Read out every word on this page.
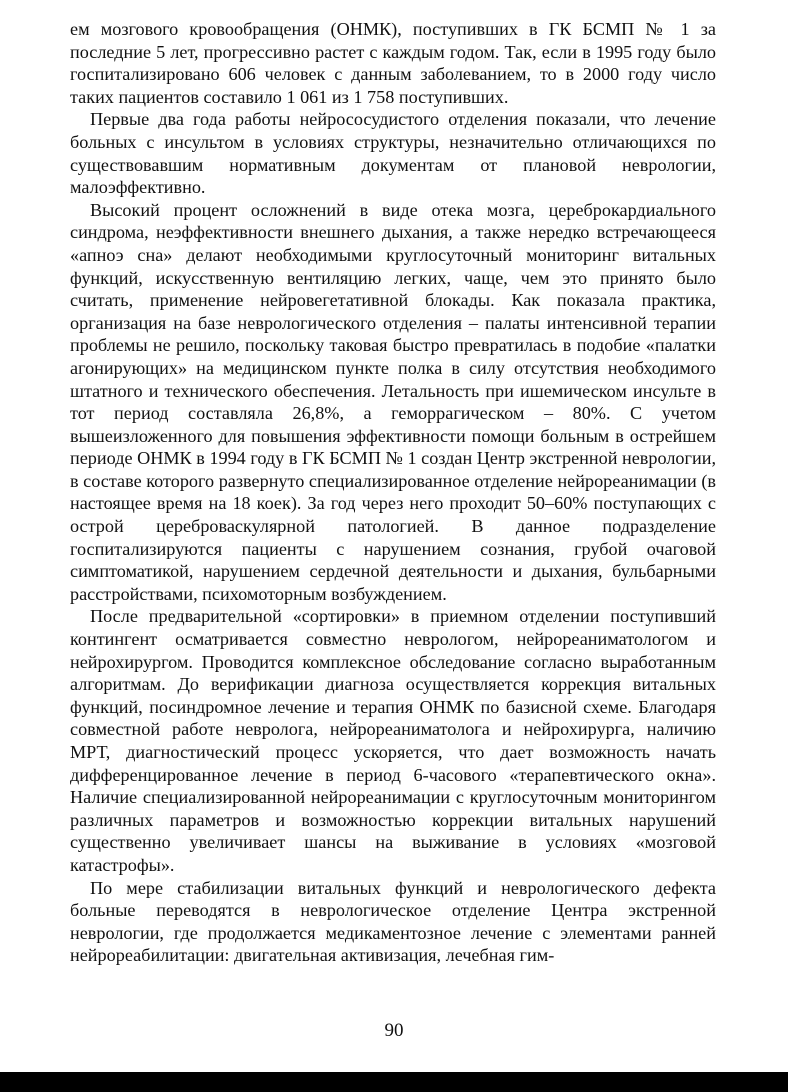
ем мозгового кровообращения (ОНМК), поступивших в ГК БСМП № 1 за последние 5 лет, прогрессивно растет с каждым годом. Так, если в 1995 году было госпитализировано 606 человек с данным заболеванием, то в 2000 году число таких пациентов составило 1 061 из 1 758 поступивших.

Первые два года работы нейрососудистого отделения показали, что лечение больных с инсультом в условиях структуры, незначительно отличающихся по существовавшим нормативным документам от плановой неврологии, малоэффективно.

Высокий процент осложнений в виде отека мозга, цереброкардиального синдрома, неэффективности внешнего дыхания, а также нередко встречающееся «апноэ сна» делают необходимыми круглосуточный мониторинг витальных функций, искусственную вентиляцию легких, чаще, чем это принято было считать, применение нейровегетативной блокады. Как показала практика, организация на базе неврологического отделения – палаты интенсивной терапии проблемы не решило, поскольку таковая быстро превратилась в подобие «палатки агонирующих» на медицинском пункте полка в силу отсутствия необходимого штатного и технического обеспечения. Летальность при ишемическом инсульте в тот период составляла 26,8%, а геморрагическом – 80%. С учетом вышеизложенного для повышения эффективности помощи больным в острейшем периоде ОНМК в 1994 году в ГК БСМП № 1 создан Центр экстренной неврологии, в составе которого развернуто специализированное отделение нейрореанимации (в настоящее время на 18 коек). За год через него проходит 50–60% поступающих с острой цереброваскулярной патологией. В данное подразделение госпитализируются пациенты с нарушением сознания, грубой очаговой симптоматикой, нарушением сердечной деятельности и дыхания, бульбарными расстройствами, психомоторным возбуждением.

После предварительной «сортировки» в приемном отделении поступивший контингент осматривается совместно неврологом, нейрореаниматологом и нейрохирургом. Проводится комплексное обследование согласно выработанным алгоритмам. До верификации диагноза осуществляется коррекция витальных функций, посиндромное лечение и терапия ОНМК по базисной схеме. Благодаря совместной работе невролога, нейрореаниматолога и нейрохирурга, наличию МРТ, диагностический процесс ускоряется, что дает возможность начать дифференцированное лечение в период 6-часового «терапевтического окна». Наличие специализированной нейрореанимации с круглосуточным мониторингом различных параметров и возможностью коррекции витальных нарушений существенно увеличивает шансы на выживание в условиях «мозговой катастрофы».

По мере стабилизации витальных функций и неврологического дефекта больные переводятся в неврологическое отделение Центра экстренной неврологии, где продолжается медикаментозное лечение с элементами ранней нейрореабилитации: двигательная активизация, лечебная гим-

90
